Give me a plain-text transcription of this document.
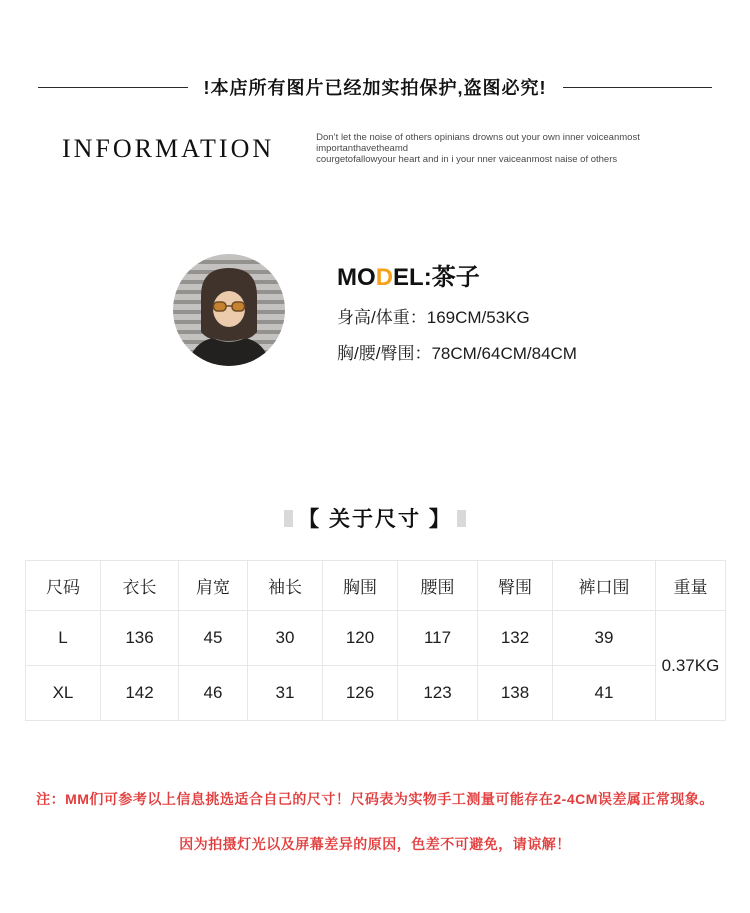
!本店所有图片已经加实拍保护,盗图必究!
INFORMATION	Don’t let the noise of others opinians drowns out your own inner voiceanmost importanthavetheamd
courgetofallowyour heart and in i your nner vaiceanmost naise of others

MODEL:茶子
身高/体重：169CM/53KG
胸/腰/臀围：78CM/64CM/84CM
【 关于尺寸 】
尺码	衣长	肩宽	袖长	胸围	腰围	臀围	裤口围	重量
L	136	45	30	120	117	132	39	0.37KG
XL	142	46	31	126	123	138	41	

注：MM们可参考以上信息挑选适合自己的尺寸！尺码表为实物手工测量可能存在2-4CM误差属正常现象。

因为拍摄灯光以及屏幕差异的原因，色差不可避免，请谅解！
